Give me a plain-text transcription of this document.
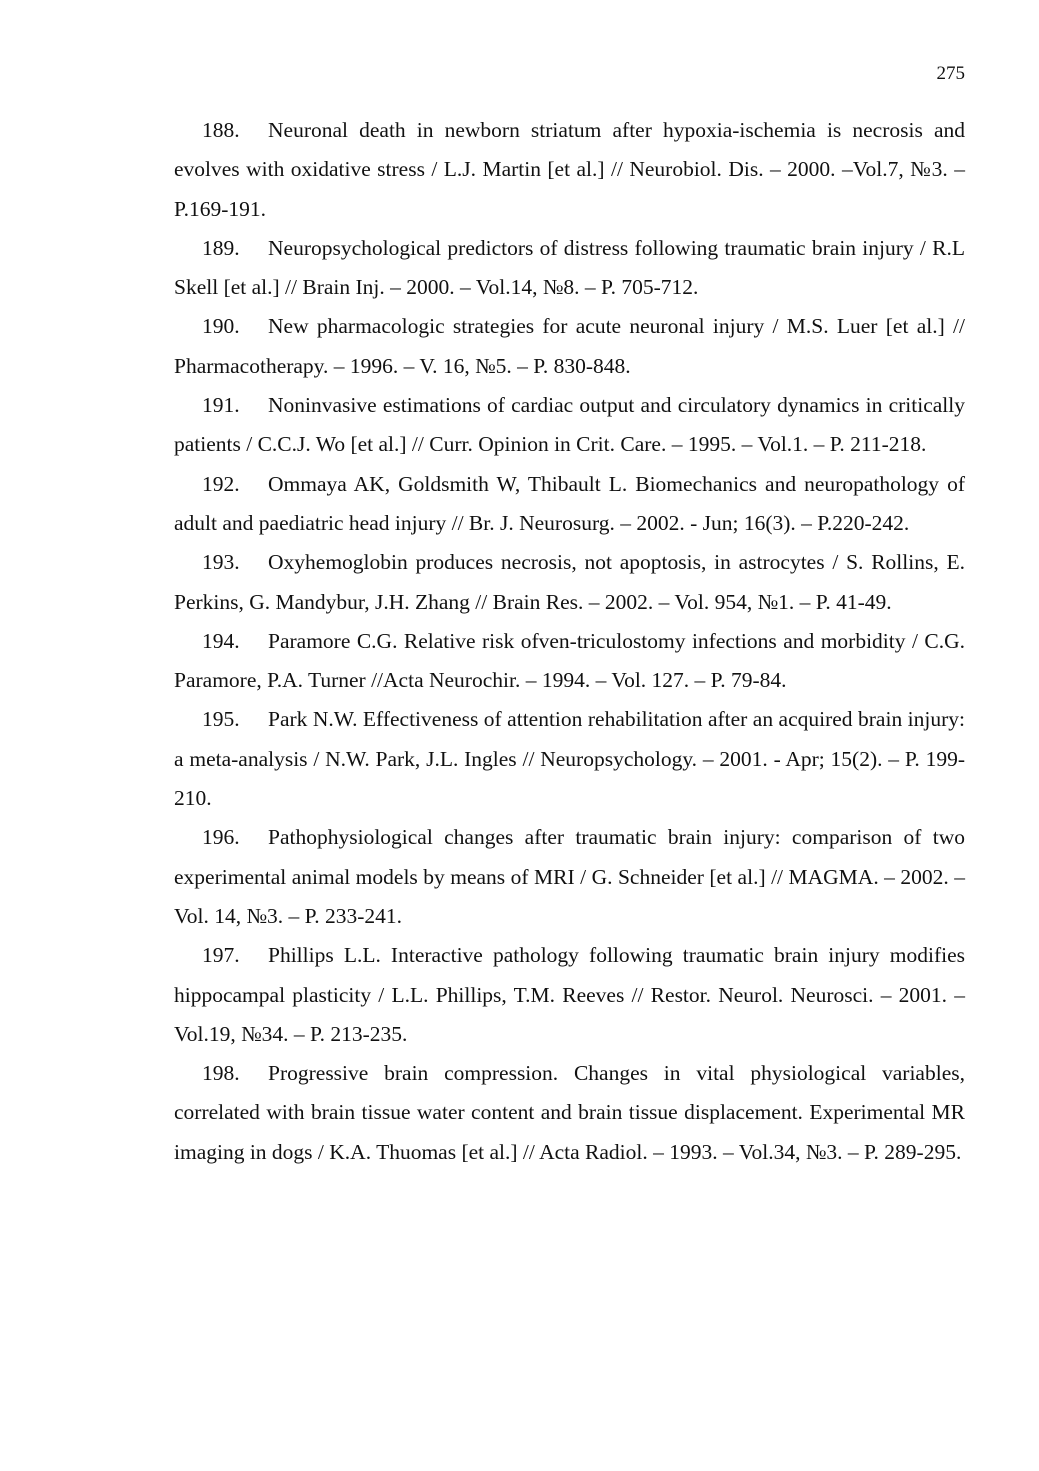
275
188. Neuronal death in newborn striatum after hypoxia-ischemia is necrosis and evolves with oxidative stress / L.J. Martin [et al.] // Neurobiol. Dis. – 2000. –Vol.7, №3. – P.169-191.
189. Neuropsychological predictors of distress following traumatic brain injury / R.L Skell [et al.] // Brain Inj. – 2000. – Vol.14, №8. – P. 705-712.
190. New pharmacologic strategies for acute neuronal injury / M.S. Luer [et al.] // Pharmacotherapy. – 1996. – V. 16, №5. – P. 830-848.
191. Noninvasive estimations of cardiac output and circulatory dynamics in critically patients / C.C.J. Wo [et al.] // Curr. Opinion in Crit. Care. – 1995. – Vol.1. – P. 211-218.
192. Ommaya AK, Goldsmith W, Thibault L. Biomechanics and neuropathology of adult and paediatric head injury // Br. J. Neurosurg. – 2002. - Jun; 16(3). – P.220-242.
193. Oxyhemoglobin produces necrosis, not apoptosis, in astrocytes / S. Rollins, E. Perkins, G. Mandybur, J.H. Zhang // Brain Res. – 2002. – Vol. 954, №1. – P. 41-49.
194. Paramore C.G. Relative risk ofven-triculostomy infections and morbidity / C.G. Paramore, P.A. Turner //Acta Neurochir. – 1994. – Vol. 127. – P. 79-84.
195. Park N.W. Effectiveness of attention rehabilitation after an acquired brain injury: a meta-analysis / N.W. Park, J.L. Ingles // Neuropsychology. – 2001. - Apr; 15(2). – P. 199-210.
196. Pathophysiological changes after traumatic brain injury: comparison of two experimental animal models by means of MRI / G. Schneider [et al.] // MAGMA. – 2002. – Vol. 14, №3. – P. 233-241.
197. Phillips L.L. Interactive pathology following traumatic brain injury modifies hippocampal plasticity / L.L. Phillips, T.M. Reeves // Restor. Neurol. Neurosci. – 2001. – Vol.19, №34. – P. 213-235.
198. Progressive brain compression. Changes in vital physiological variables, correlated with brain tissue water content and brain tissue displacement. Experimental MR imaging in dogs / K.A. Thuomas [et al.] // Acta Radiol. – 1993. – Vol.34, №3. – P. 289-295.
